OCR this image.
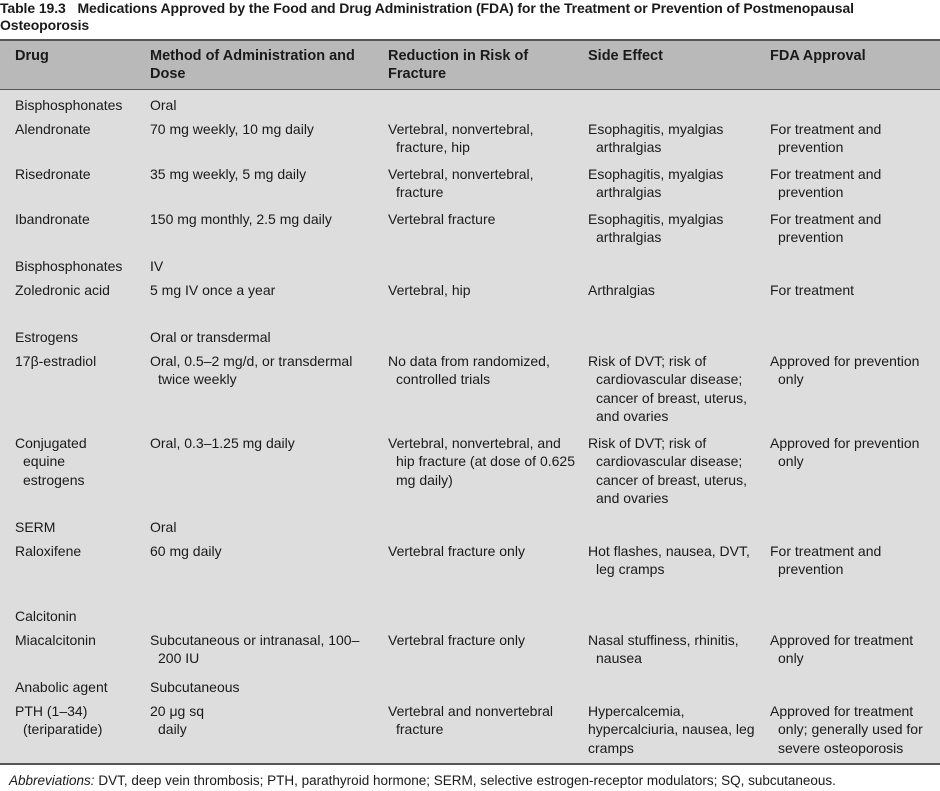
Table 19.3 Medications Approved by the Food and Drug Administration (FDA) for the Treatment or Prevention of Postmenopausal Osteoporosis
Drug	Method of Administration and Dose	Reduction in Risk of Fracture	Side Effect	FDA Approval
Bisphosphonates	Oral			

Alendronate	70 mg weekly, 10 mg daily	Vertebral, nonvertebral, fracture, hip	Esophagitis, myalgias arthralgias	For treatment and prevention

Risedronate	35 mg weekly, 5 mg daily	Vertebral, nonvertebral, fracture	Esophagitis, myalgias arthralgias	For treatment and prevention

Ibandronate	150 mg monthly, 2.5 mg daily	Vertebral fracture	Esophagitis, myalgias arthralgias	For treatment and prevention
Bisphosphonates	IV			

Zoledronic acid	5 mg IV once a year	Vertebral, hip	Arthralgias	For treatment
Estrogens	Oral or transdermal			

17β-estradiol	Oral, 0.5–2 mg/d, or transdermal twice weekly	No data from randomized, controlled trials	Risk of DVT; risk of cardiovascular disease; cancer of breast, uterus, and ovaries	Approved for prevention only

Conjugated equine estrogens	Oral, 0.3–1.25 mg daily	Vertebral, nonvertebral, and hip fracture (at dose of 0.625 mg daily)	Risk of DVT; risk of cardiovascular disease; cancer of breast, uterus, and ovaries	Approved for prevention only
SERM	Oral			

Raloxifene	60 mg daily	Vertebral fracture only	Hot flashes, nausea, DVT, leg cramps	For treatment and prevention

Calcitonin				

Miacalcitonin	Subcutaneous or intranasal, 100–200 IU	Vertebral fracture only	Nasal stuffiness, rhinitis, nausea	Approved for treatment only
Anabolic agent	Subcutaneous			

PTH (1–34) (teriparatide)	20 μg sq daily	Vertebral and nonvertebral fracture	Hypercalcemia, hypercalciuria, nausea, leg cramps	Approved for treatment only; generally used for severe osteoporosis
Abbreviations: DVT, deep vein thrombosis; PTH, parathyroid hormone; SERM, selective estrogen-receptor modulators; SQ, subcutaneous.
